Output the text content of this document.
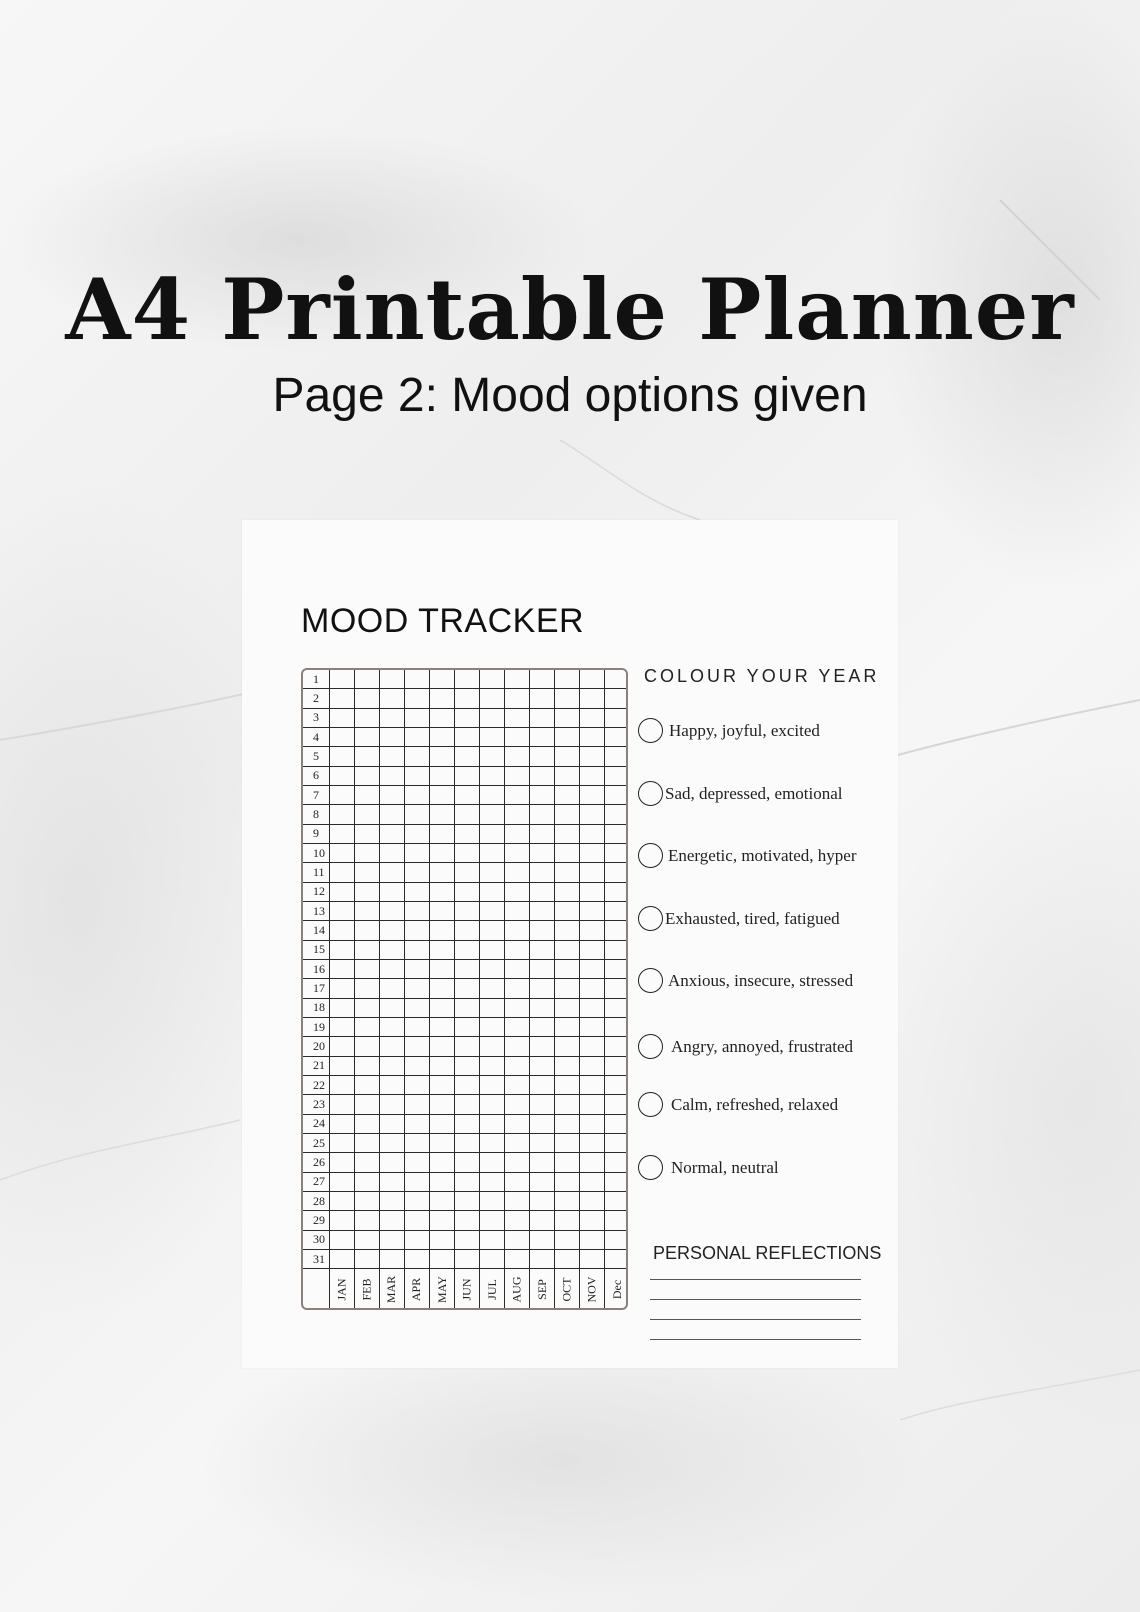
A4 Printable Planner
Page 2: Mood options given
MOOD TRACKER
1
2
3
4
5
6
7
8
9
10
11
12
13
14
15
16
17
18
19
20
21
22
23
24
25
26
27
28
29
30
31
JAN FEB MAR APR MAY JUN JUL AUG SEP OCT NOV Dec
COLOUR YOUR YEAR
Happy, joyful, excited
Sad, depressed, emotional
Energetic, motivated, hyper
Exhausted, tired, fatigued
Anxious, insecure, stressed
Angry, annoyed, frustrated
Calm, refreshed, relaxed
Normal, neutral
PERSONAL REFLECTIONS
